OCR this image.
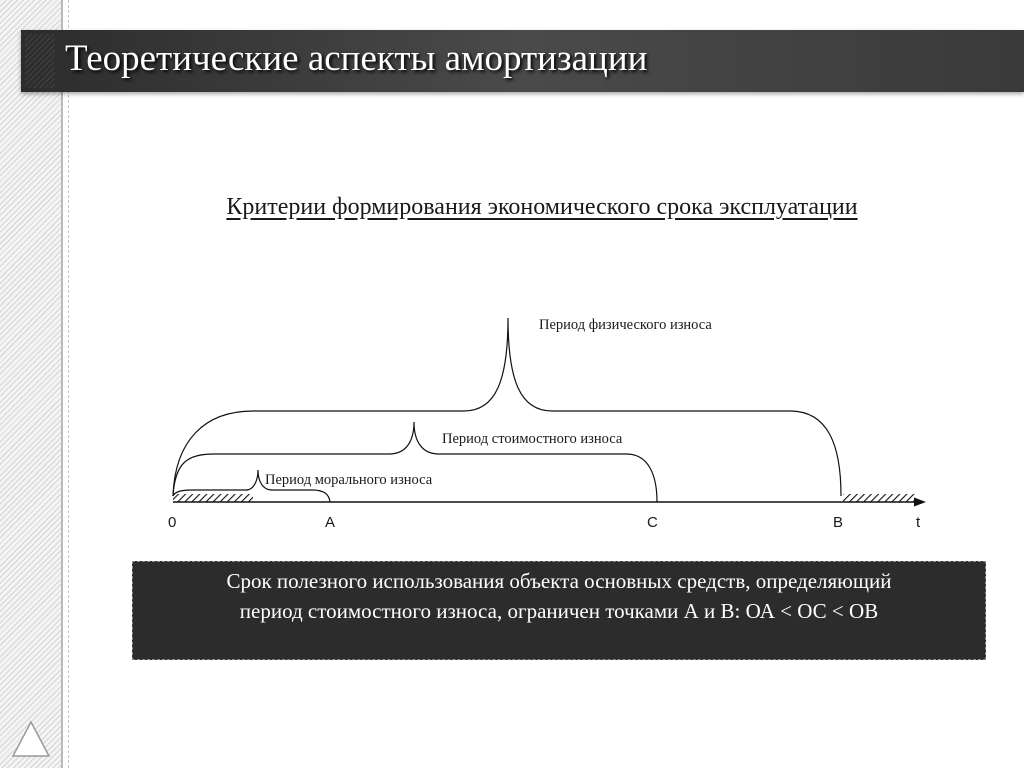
Теоретические аспекты амортизации
Критерии формирования экономического срока эксплуатации
Период физического износа
Период стоимостного износа
Период морального износа
0	A	C	B	t

Срок полезного использования объекта основных средств, определяющий

период стоимостного износа, ограничен точками А и В: ОА < ОС < ОВ
